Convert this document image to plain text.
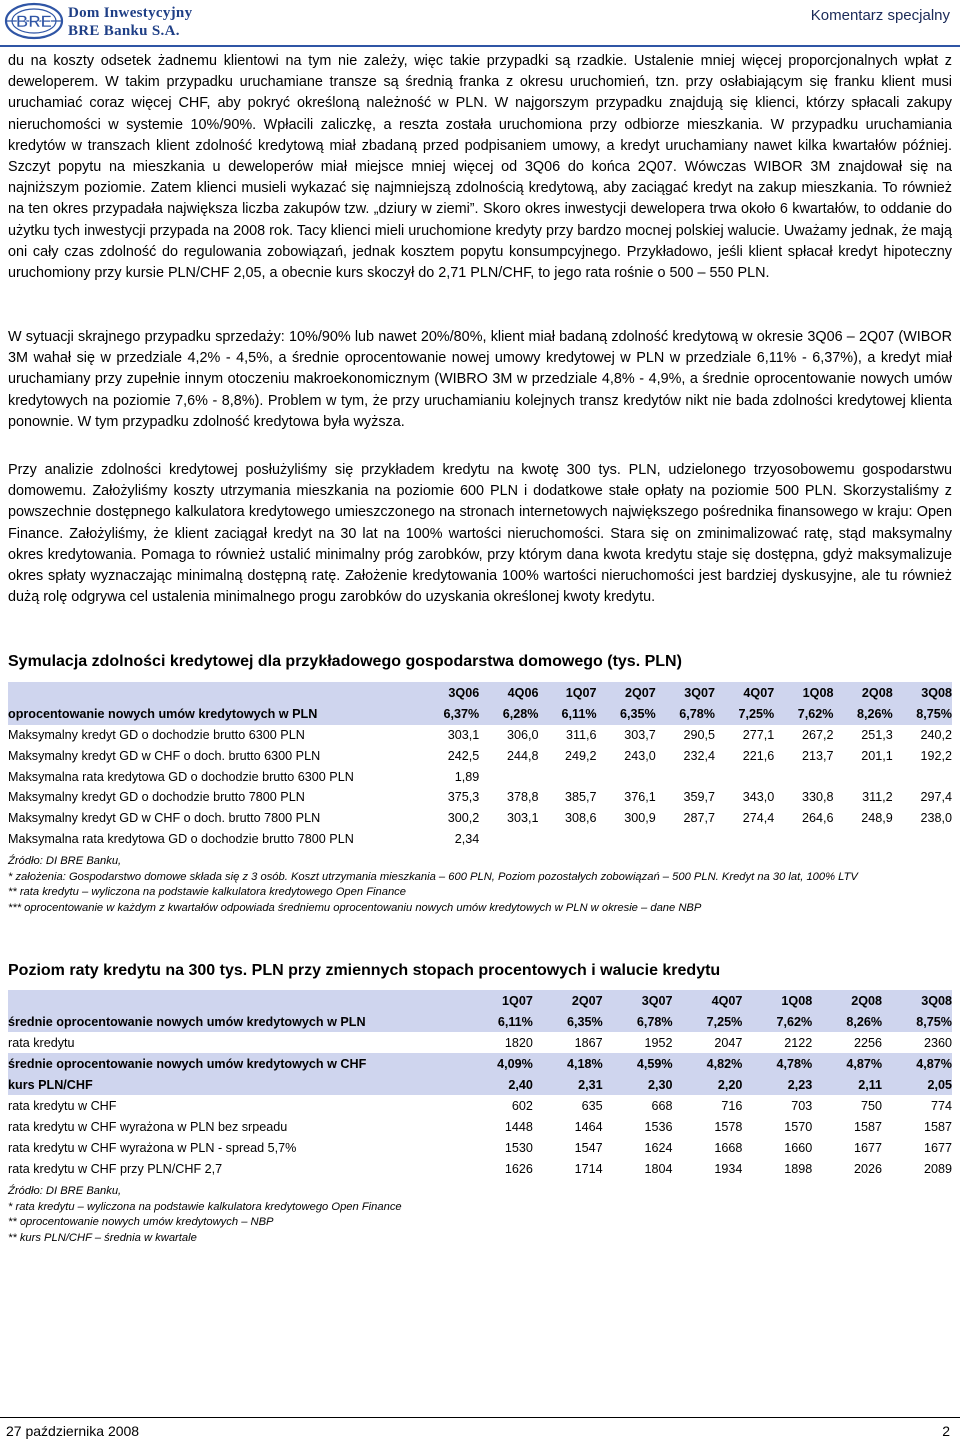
BRE Dom Inwestycyjny
BRE Banku S.A.
Komentarz specjalny
du na koszty odsetek żadnemu klientowi na tym nie zależy, więc takie przypadki są rzadkie. Ustalenie mniej więcej proporcjonalnych wpłat z deweloperem. W takim przypadku uruchamiane transze są średnią franka z okresu uruchomień, tzn. przy osłabiającym się franku klient musi uruchamiać coraz więcej CHF, aby pokryć określoną należność w PLN. W najgorszym przypadku znajdują się klienci, którzy spłacali zakupy nieruchomości w systemie 10%/90%. Wpłacili zaliczkę, a reszta została uruchomiona przy odbiorze mieszkania. W przypadku uruchamiania kredytów w transzach klient zdolność kredytową miał zbadaną przed podpisaniem umowy, a kredyt uruchamiany nawet kilka kwartałów później. Szczyt popytu na mieszkania u deweloperów miał miejsce mniej więcej od 3Q06 do końca 2Q07. Wówczas WIBOR 3M znajdował się na najniższym poziomie. Zatem klienci musieli wykazać się najmniejszą zdolnością kredytową, aby zaciągać kredyt na zakup mieszkania. To również na ten okres przypadała największa liczba zakupów tzw. „dziury w ziemi”. Skoro okres inwestycji dewelopera trwa około 6 kwartałów, to oddanie do użytku tych inwestycji przypada na 2008 rok. Tacy klienci mieli uruchomione kredyty przy bardzo mocnej polskiej walucie. Uważamy jednak, że mają oni cały czas zdolność do regulowania zobowiązań, jednak kosztem popytu konsumpcyjnego. Przykładowo, jeśli klient spłacał kredyt hipoteczny uruchomiony przy kursie PLN/CHF 2,05, a obecnie kurs skoczył do 2,71 PLN/CHF, to jego rata rośnie o 500 – 550 PLN.
W sytuacji skrajnego przypadku sprzedaży: 10%/90% lub nawet 20%/80%, klient miał badaną zdolność kredytową w okresie 3Q06 – 2Q07 (WIBOR 3M wahał się w przedziale 4,2% - 4,5%, a średnie oprocentowanie nowej umowy kredytowej w PLN w przedziale 6,11% - 6,37%), a kredyt miał uruchamiany przy zupełnie innym otoczeniu makroekonomicznym (WIBRO 3M w przedziale 4,8% - 4,9%, a średnie oprocentowanie nowych umów kredytowych na poziomie 7,6% - 8,8%). Problem w tym, że przy uruchamianiu kolejnych transz kredytów nikt nie bada zdolności kredytowej klienta ponownie. W tym przypadku zdolność kredytowa była wyższa.
Przy analizie zdolności kredytowej posłużyliśmy się przykładem kredytu na kwotę 300 tys. PLN, udzielonego trzyosobowemu gospodarstwu domowemu. Założyliśmy koszty utrzymania mieszkania na poziomie 600 PLN i dodatkowe stałe opłaty na poziomie 500 PLN. Skorzystaliśmy z powszechnie dostępnego kalkulatora kredytowego umieszczonego na stronach internetowych największego pośrednika finansowego w kraju: Open Finance. Założyliśmy, że klient zaciągał kredyt na 30 lat na 100% wartości nieruchomości. Stara się on zminimalizować ratę, stąd maksymalny okres kredytowania. Pomaga to również ustalić minimalny próg zarobków, przy którym dana kwota kredytu staje się dostępna, gdyż maksymalizuje okres spłaty wyznaczając minimalną dostępną ratę. Założenie kredytowania 100% wartości nieruchomości jest bardziej dyskusyjne, ale tu również dużą rolę odgrywa cel ustalenia minimalnego progu zarobków do uzyskania określonej kwoty kredytu.
Symulacja zdolności kredytowej dla przykładowego gospodarstwa domowego (tys. PLN)
	3Q06	4Q06	1Q07	2Q07	3Q07	4Q07	1Q08	2Q08	3Q08
oprocentowanie nowych umów kredytowych w PLN	6,37%	6,28%	6,11%	6,35%	6,78%	7,25%	7,62%	8,26%	8,75%
Maksymalny kredyt GD o dochodzie brutto 6300 PLN	303,1	306,0	311,6	303,7	290,5	277,1	267,2	251,3	240,2
Maksymalny kredyt GD w CHF o doch. brutto 6300 PLN	242,5	244,8	249,2	243,0	232,4	221,6	213,7	201,1	192,2
Maksymalna rata kredytowa GD o dochodzie brutto 6300 PLN	1,89								
Maksymalny kredyt GD o dochodzie brutto 7800 PLN	375,3	378,8	385,7	376,1	359,7	343,0	330,8	311,2	297,4
Maksymalny kredyt GD w CHF o doch. brutto 7800 PLN	300,2	303,1	308,6	300,9	287,7	274,4	264,6	248,9	238,0
Maksymalna rata kredytowa GD o dochodzie brutto 7800 PLN	2,34								
Źródło: DI BRE Banku,
* założenia: Gospodarstwo domowe składa się z 3 osób. Koszt utrzymania mieszkania – 600 PLN, Poziom pozostałych zobowiązań – 500 PLN. Kredyt na 30 lat, 100% LTV
** rata kredytu – wyliczona na podstawie kalkulatora kredytowego Open Finance
*** oprocentowanie w każdym z kwartałów odpowiada średniemu oprocentowaniu nowych umów kredytowych w PLN w okresie – dane NBP
Poziom raty kredytu na 300 tys. PLN przy zmiennych stopach procentowych i walucie kredytu
	1Q07	2Q07	3Q07	4Q07	1Q08	2Q08	3Q08
średnie oprocentowanie nowych umów kredytowych w PLN	6,11%	6,35%	6,78%	7,25%	7,62%	8,26%	8,75%
rata kredytu	1820	1867	1952	2047	2122	2256	2360
średnie oprocentowanie nowych umów kredytowych w CHF	4,09%	4,18%	4,59%	4,82%	4,78%	4,87%	4,87%
kurs PLN/CHF	2,40	2,31	2,30	2,20	2,23	2,11	2,05
rata kredytu w CHF	602	635	668	716	703	750	774
rata kredytu w CHF wyrażona w PLN bez srpeadu	1448	1464	1536	1578	1570	1587	1587
rata kredytu w CHF wyrażona w PLN - spread 5,7%	1530	1547	1624	1668	1660	1677	1677
rata kredytu w CHF przy PLN/CHF 2,7	1626	1714	1804	1934	1898	2026	2089
Źródło: DI BRE Banku,
* rata kredytu – wyliczona na podstawie kalkulatora kredytowego Open Finance
** oprocentowanie nowych umów kredytowych – NBP
** kurs PLN/CHF – średnia w kwartale
27 października 2008	2
